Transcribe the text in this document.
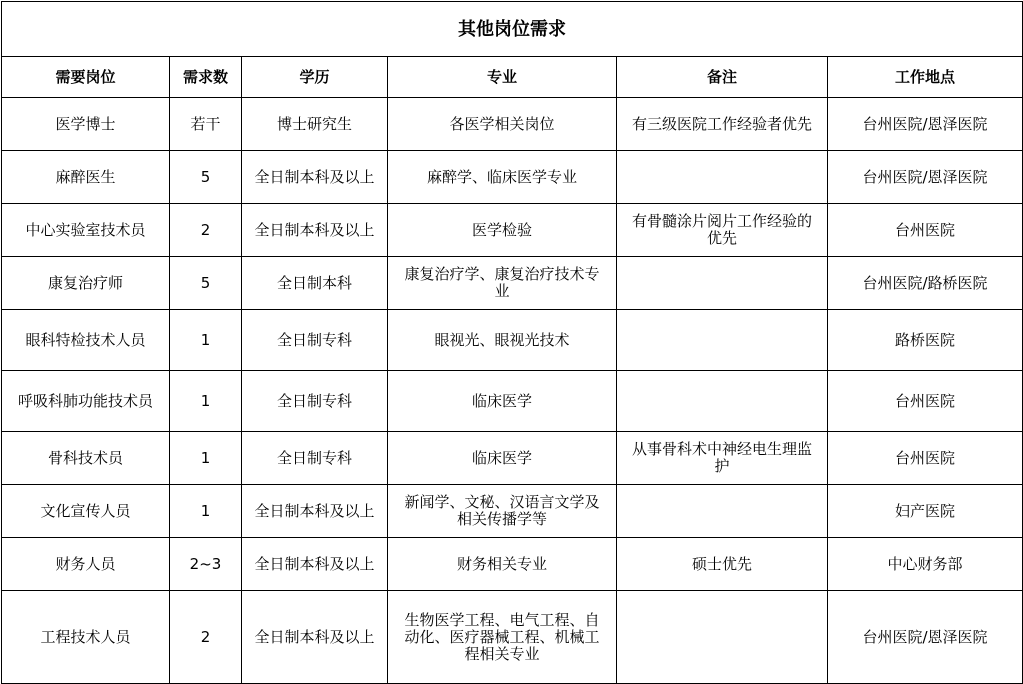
其他岗位需求					
需要岗位	需求数	学历	专业	备注	工作地点
医学博士	若干	博士研究生	各医学相关岗位	有三级医院工作经验者优先	台州医院/恩泽医院
麻醉医生	5	全日制本科及以上	麻醉学、临床医学专业		台州医院/恩泽医院
中心实验室技术员	2	全日制本科及以上	医学检验	有骨髓涂片阅片工作经验的优先	台州医院
康复治疗师	5	全日制本科	康复治疗学、康复治疗技术专业		台州医院/路桥医院
眼科特检技术人员	1	全日制专科	眼视光、眼视光技术		路桥医院
呼吸科肺功能技术员	1	全日制专科	临床医学		台州医院
骨科技术员	1	全日制专科	临床医学	从事骨科术中神经电生理监护	台州医院
文化宣传人员	1	全日制本科及以上	新闻学、文秘、汉语言文学及相关传播学等		妇产医院
财务人员	2~3	全日制本科及以上	财务相关专业	硕士优先	中心财务部
工程技术人员	2	全日制本科及以上	生物医学工程、电气工程、自动化、医疗器械工程、机械工程相关专业		台州医院/恩泽医院
